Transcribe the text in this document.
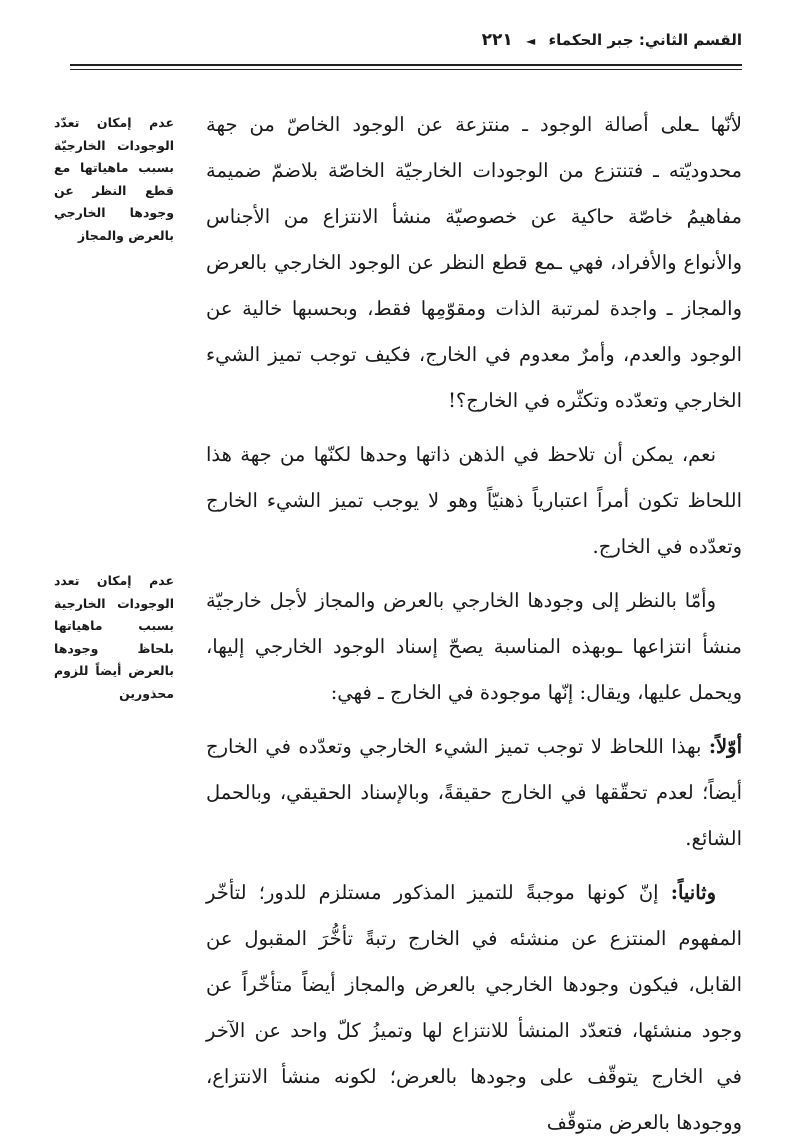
القسم الثاني: جبر الحكماء ◄ ٢٢١

لأنّها ـعلى أصالة الوجود ـ منتزعة عن الوجود الخاصّ من جهة محدوديّته ـ فتنتزع من الوجودات الخارجيّة الخاصّة بلاضمّ ضميمة مفاهيمُ خاصّة حاكية عن خصوصيّة منشأ الانتزاع من الأجناس والأنواع والأفراد، فهي ـمع قطع النظر عن الوجود الخارجي بالعرض والمجاز ـ واجدة لمرتبة الذات ومقوّمِها فقط، وبحسبها خالية عن الوجود والعدم، وأمرٌ معدوم في الخارج، فكيف توجب تميز الشيء الخارجي وتعدّده وتكثّره في الخارج؟!

نعم، يمكن أن تلاحظ في الذهن ذاتها وحدها لكنّها من جهة هذا اللحاظ تكون أمراً اعتبارياً ذهنيّاً وهو لا يوجب تميز الشيء الخارج وتعدّده في الخارج.

وأمّا بالنظر إلى وجودها الخارجي بالعرض والمجاز لأجل خارجيّة منشأ انتزاعها ـوبهذه المناسبة يصحّ إسناد الوجود الخارجي إليها، ويحمل عليها، ويقال: إنّها موجودة في الخارج ـ فهي:

أوّلاً: بهذا اللحاظ لا توجب تميز الشيء الخارجي وتعدّده في الخارج أيضاً؛ لعدم تحقّقها في الخارج حقيقةً، وبالإسناد الحقيقي، وبالحمل الشائع.

وثانياً: إنّ كونها موجبةً للتميز المذكور مستلزم للدور؛ لتأخّر المفهوم المنتزع عن منشئه في الخارج رتبةً تأخُّرَ المقبول عن القابل، فيكون وجودها الخارجي بالعرض والمجاز أيضاً متأخّراً عن وجود منشئها، فتعدّد المنشأ للانتزاع لها وتميزُ كلّ واحد عن الآخر في الخارج يتوقّف على وجودها بالعرض؛ لكونه منشأ الانتزاع، ووجودها بالعرض متوقّف

عدم إمكان تعدّد الوجودات الخارجيّة بسبب ماهياتها مع قطع النظر عن وجودها الخارجي بالعرض والمجاز
عدم إمكان تعدد الوجودات الخارجية بسبب ماهياتها بلحاظ وجودها بالعرض أيضاً للزوم محذورين
